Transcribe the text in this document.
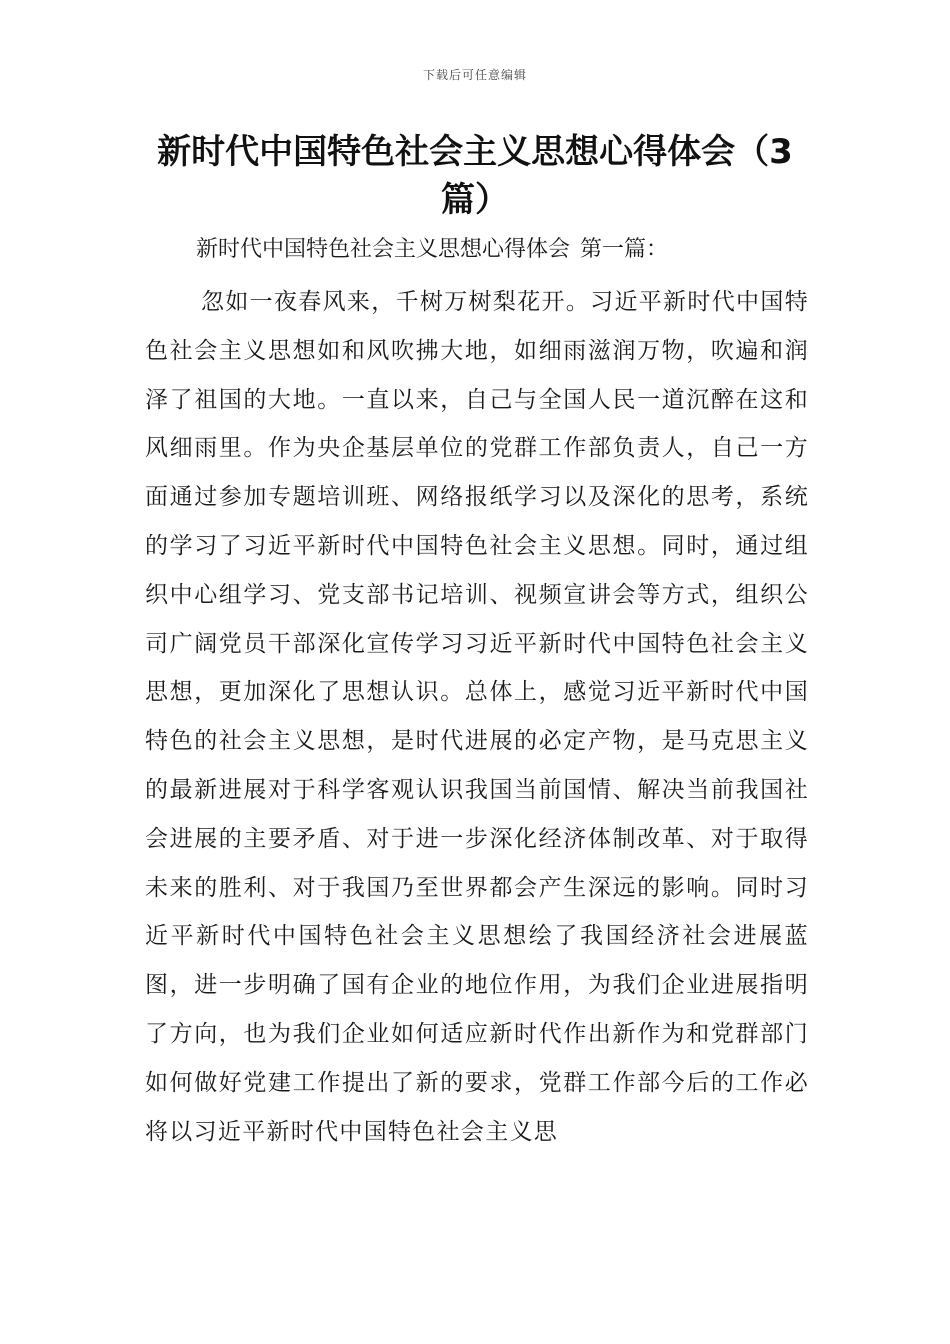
下载后可任意编辑
新时代中国特色社会主义思想心得体会（3篇）
新时代中国特色社会主义思想心得体会 第一篇：

忽如一夜春风来，千树万树梨花开。习近平新时代中国特色社会主义思想如和风吹拂大地，如细雨滋润万物，吹遍和润泽了祖国的大地。一直以来，自己与全国人民一道沉醉在这和风细雨里。作为央企基层单位的党群工作部负责人，自己一方面通过参加专题培训班、网络报纸学习以及深化的思考，系统的学习了习近平新时代中国特色社会主义思想。同时，通过组织中心组学习、党支部书记培训、视频宣讲会等方式，组织公司广阔党员干部深化宣传学习习近平新时代中国特色社会主义思想，更加深化了思想认识。总体上，感觉习近平新时代中国特色的社会主义思想，是时代进展的必定产物，是马克思主义的最新进展对于科学客观认识我国当前国情、解决当前我国社会进展的主要矛盾、对于进一步深化经济体制改革、对于取得未来的胜利、对于我国乃至世界都会产生深远的影响。同时习近平新时代中国特色社会主义思想绘了我国经济社会进展蓝图，进一步明确了国有企业的地位作用，为我们企业进展指明了方向，也为我们企业如何适应新时代作出新作为和党群部门如何做好党建工作提出了新的要求，党群工作部今后的工作必将以习近平新时代中国特色社会主义思
